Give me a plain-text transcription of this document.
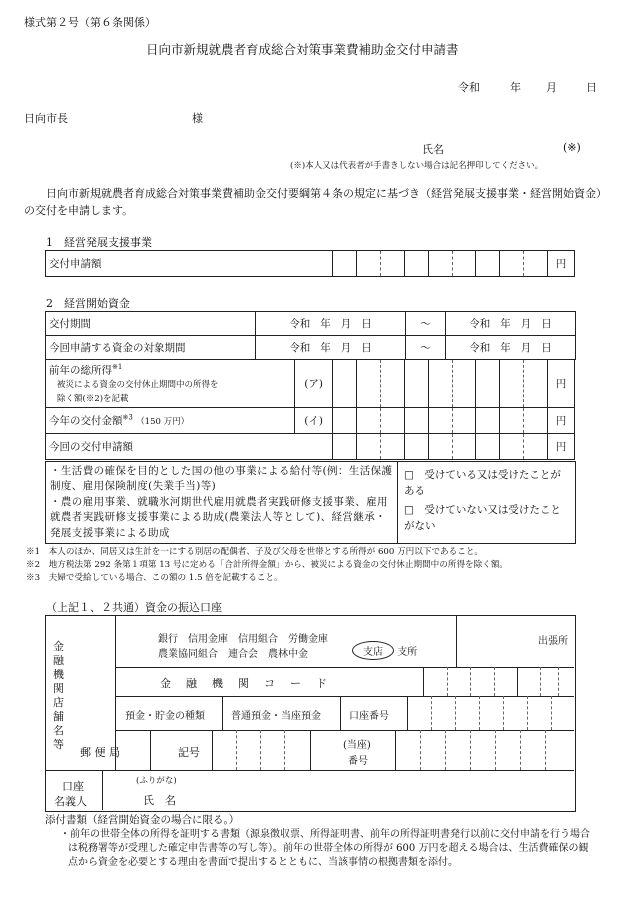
様式第２号（第６条関係）
日向市新規就農者育成総合対策事業費補助金交付申請書
令和	年 月	日
日向市長	様
氏名	(※)
(※)本人又は代表者が手書きしない場合は記名押印してください。
日向市新規就農者育成総合対策事業費補助金交付要綱第４条の規定に基づき（経営発展支援事業・経営開始資金）の交付を申請します。
1　経営発展支援事業
交付申請額										円
2　経営開始資金
交付期間	令和 年 月 日	～	令和 年 月 日
今回申請する資金の対象期間	令和 年 月 日	～	令和 年 月 日
前年の総所得$^{※1}$
被災による資金の交付休止期間中の所得を
除く額(※2)を記載	(ア)										円
今年の交付金額$^{※3}$ （150 万円）	(イ)										円
今回の交付申請額											円
・生活費の確保を目的とした国の他の事業による給付等(例：生活保護制度、雇用保険制度(失業手当)等)
・農の雇用事業、就職氷河期世代雇用就農者実践研修支援事業、雇用就農者実践研修支援事業による助成(農業法人等として)、経営継承・発展支援事業による助成	
□　受けている又は受けたことがある
□　受けていない又は受けたことがない
※1　本人のほか、同居又は生計を一にする別居の配偶者、子及び父母を世帯とする所得が 600 万円以下であること。
※2　地方税法第 292 条第１項第 13 号に定める「合計所得金額」から、被災による資金の交付休止期間中の所得を除く額。
※3　夫婦で受給している場合、この額の 1.5 倍を記載すること。
（上記１、２共通）資金の振込口座
金融機関店舗名等
銀行　信用金庫　信用組合　労働金庫
農業協同組合　連合会　農林中金	支店 支所
出張所
金　融　機　関　コ　ー　ド
預金・貯金の種類	普通預金・当座預金	口座番号
郵 便 局	記号
(当座)
番号
口座
名義人
(ふりがな)
氏　名
添付書類（経営開始資金の場合に限る。）
・前年の世帯全体の所得を証明する書類（源泉徴収票、所得証明書、前年の所得証明書発行以前に交付申請を行う場合は税務署等が受理した確定申告書等の写し等）。前年の世帯全体の所得が 600 万円を超える場合は、生活費確保の観点から資金を必要とする理由を書面で提出するとともに、当該事情の根拠書類を添付。
